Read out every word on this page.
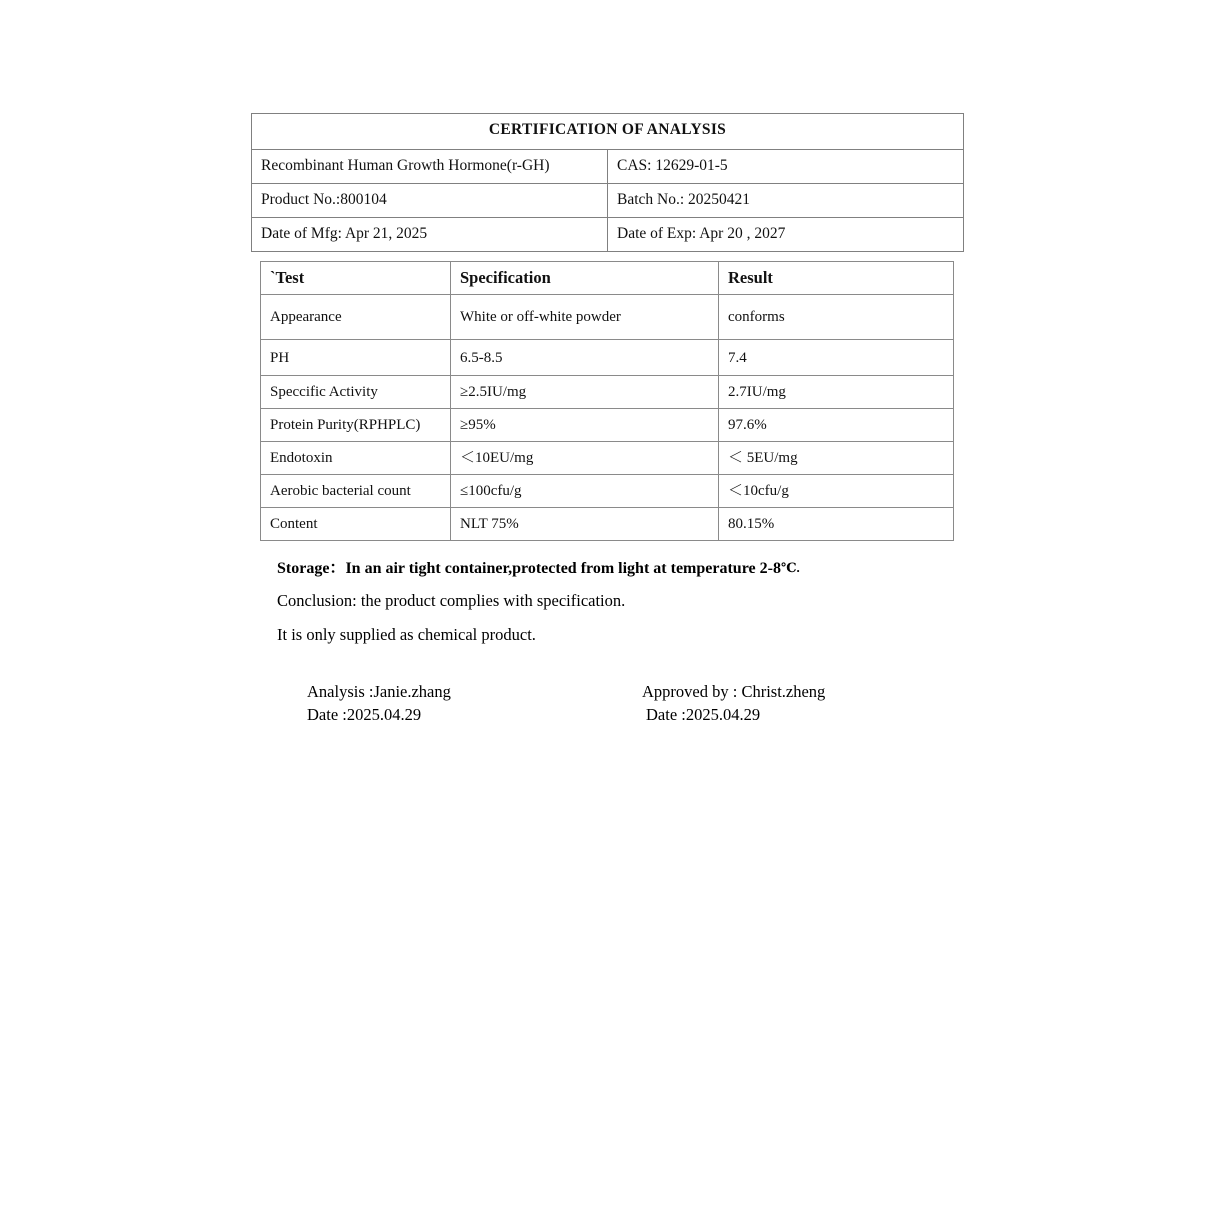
CERTIFICATION OF ANALYSIS	
Recombinant Human Growth Hormone(r-GH)	CAS: 12629-01-5
Product No.:800104	Batch No.: 20250421
Date of Mfg: Apr 21, 2025	Date of Exp: Apr 20 , 2027
`Test	Specification	Result
Appearance	White or off-white powder	conforms
PH	6.5-8.5	7.4
Speccific Activity	≥2.5IU/mg	2.7IU/mg
Protein Purity(RPHPLC)	≥95%	97.6%
Endotoxin	＜10EU/mg	＜ 5EU/mg
Aerobic bacterial count	≤100cfu/g	＜10cfu/g
Content	NLT 75%	80.15%

Storage：In an air tight container,protected from light at temperature 2-8℃.

Conclusion: the product complies with specification.

It is only supplied as chemical product.

Analysis :Janie.zhang
Date :2025.04.29
Approved by : Christ.zheng
Date :2025.04.29
